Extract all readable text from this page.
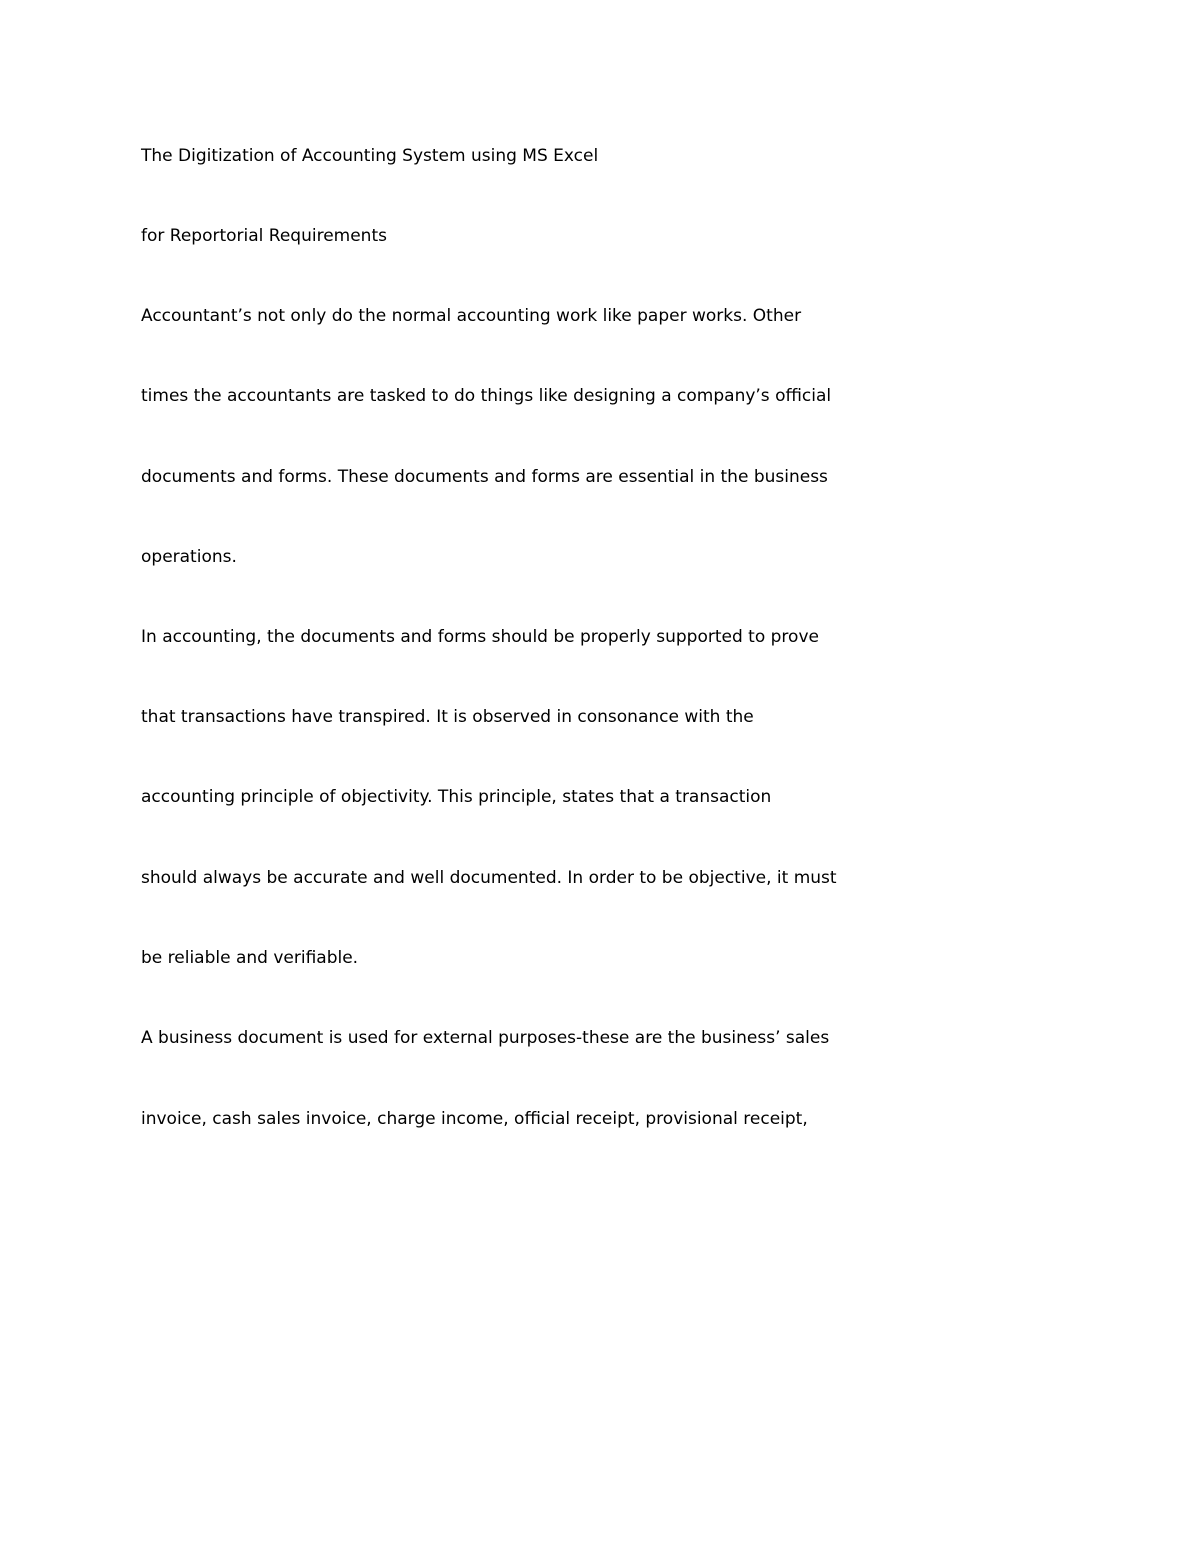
The Digitization of Accounting System using MS Excel

for Reportorial Requirements

Accountant’s not only do the normal accounting work like paper works. Other

times the accountants are tasked to do things like designing a company’s official

documents and forms. These documents and forms are essential in the business

operations.

In accounting, the documents and forms should be properly supported to prove

that transactions have transpired. It is observed in consonance with the

accounting principle of objectivity. This principle, states that a transaction

should always be accurate and well documented. In order to be objective, it must

be reliable and verifiable.

A business document is used for external purposes-these are the business’ sales

invoice, cash sales invoice, charge income, official receipt, provisional receipt,
